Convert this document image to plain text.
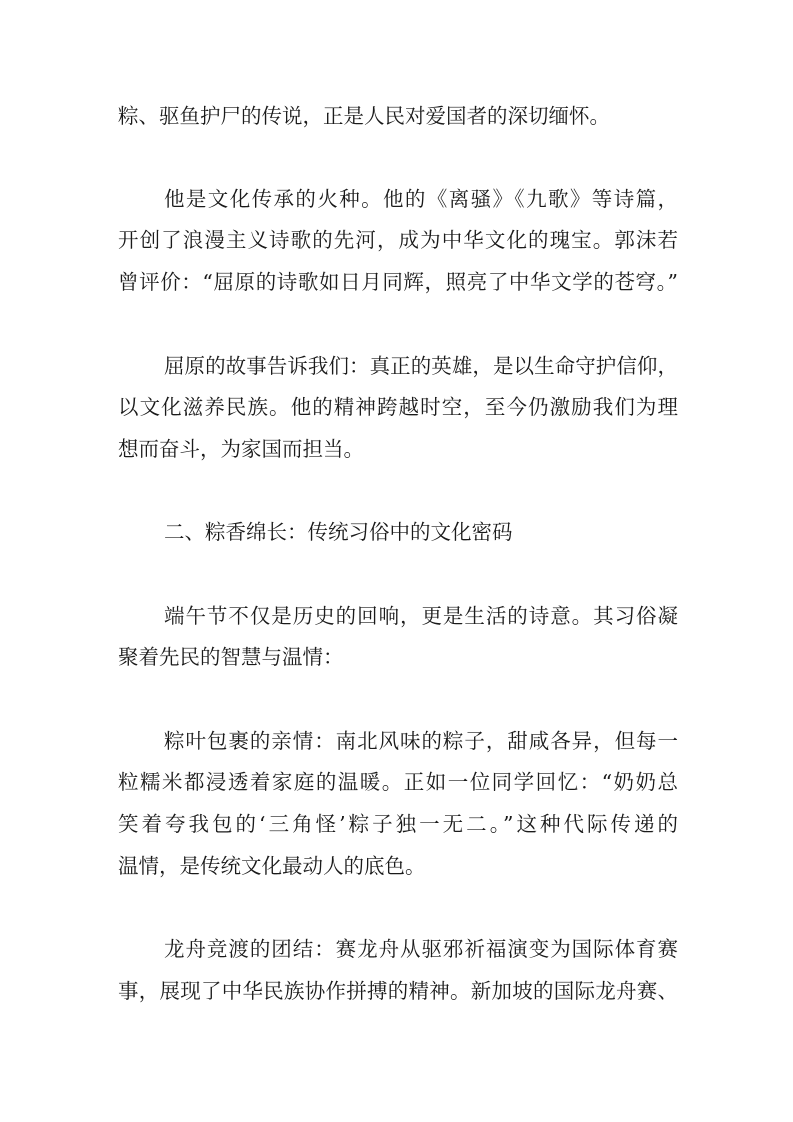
粽、驱鱼护尸的传说，正是人民对爱国者的深切缅怀。

他是文化传承的火种。他的《离骚》《九歌》等诗篇，

开创了浪漫主义诗歌的先河，成为中华文化的瑰宝。郭沫若

曾评价：“屈原的诗歌如日月同辉，照亮了中华文学的苍穹。”

屈原的故事告诉我们：真正的英雄，是以生命守护信仰，

以文化滋养民族。他的精神跨越时空，至今仍激励我们为理

想而奋斗，为家国而担当。

二、粽香绵长：传统习俗中的文化密码

端午节不仅是历史的回响，更是生活的诗意。其习俗凝

聚着先民的智慧与温情：

粽叶包裹的亲情：南北风味的粽子，甜咸各异，但每一

粒糯米都浸透着家庭的温暖。正如一位同学回忆：“奶奶总

笑着夸我包的‘三角怪’粽子独一无二。”这种代际传递的

温情，是传统文化最动人的底色。

龙舟竞渡的团结：赛龙舟从驱邪祈福演变为国际体育赛

事，展现了中华民族协作拼搏的精神。新加坡的国际龙舟赛、
